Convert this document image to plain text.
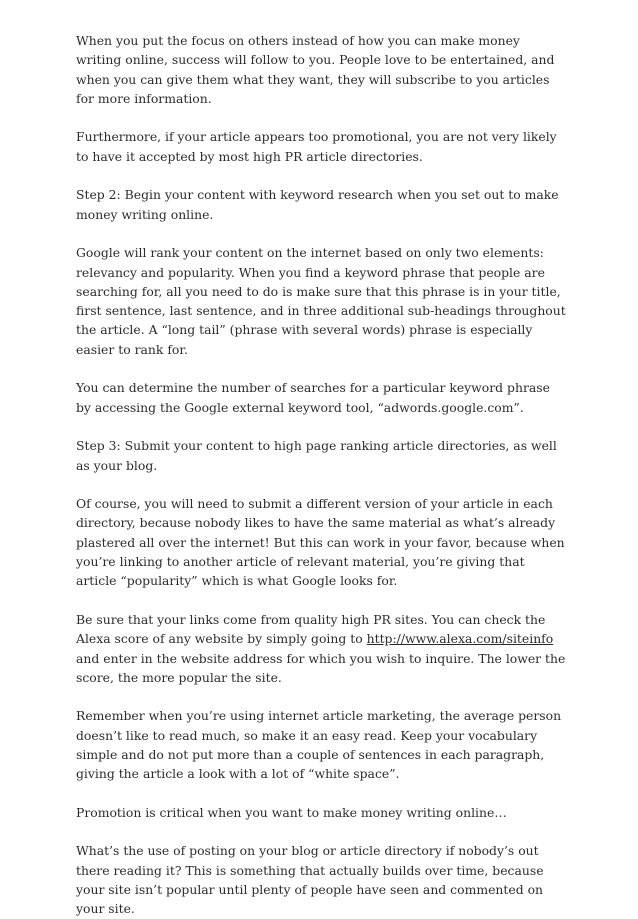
When you put the focus on others instead of how you can make money writing online, success will follow to you. People love to be entertained, and when you can give them what they want, they will subscribe to you articles for more information.

Furthermore, if your article appears too promotional, you are not very likely to have it accepted by most high PR article directories.

Step 2: Begin your content with keyword research when you set out to make money writing online.

Google will rank your content on the internet based on only two elements: relevancy and popularity. When you find a keyword phrase that people are searching for, all you need to do is make sure that this phrase is in your title, first sentence, last sentence, and in three additional sub-headings throughout the article. A “long tail” (phrase with several words) phrase is especially easier to rank for.

You can determine the number of searches for a particular keyword phrase by accessing the Google external keyword tool, “adwords.google.com”.

Step 3: Submit your content to high page ranking article directories, as well as your blog.

Of course, you will need to submit a different version of your article in each directory, because nobody likes to have the same material as what’s already plastered all over the internet! But this can work in your favor, because when you’re linking to another article of relevant material, you’re giving that article “popularity” which is what Google looks for.

Be sure that your links come from quality high PR sites. You can check the Alexa score of any website by simply going to http://www.alexa.com/siteinfo and enter in the website address for which you wish to inquire. The lower the score, the more popular the site.

Remember when you’re using internet article marketing, the average person doesn’t like to read much, so make it an easy read. Keep your vocabulary simple and do not put more than a couple of sentences in each paragraph, giving the article a look with a lot of “white space”.

Promotion is critical when you want to make money writing online…

What’s the use of posting on your blog or article directory if nobody’s out there reading it? This is something that actually builds over time, because your site isn’t popular until plenty of people have seen and commented on your site.
